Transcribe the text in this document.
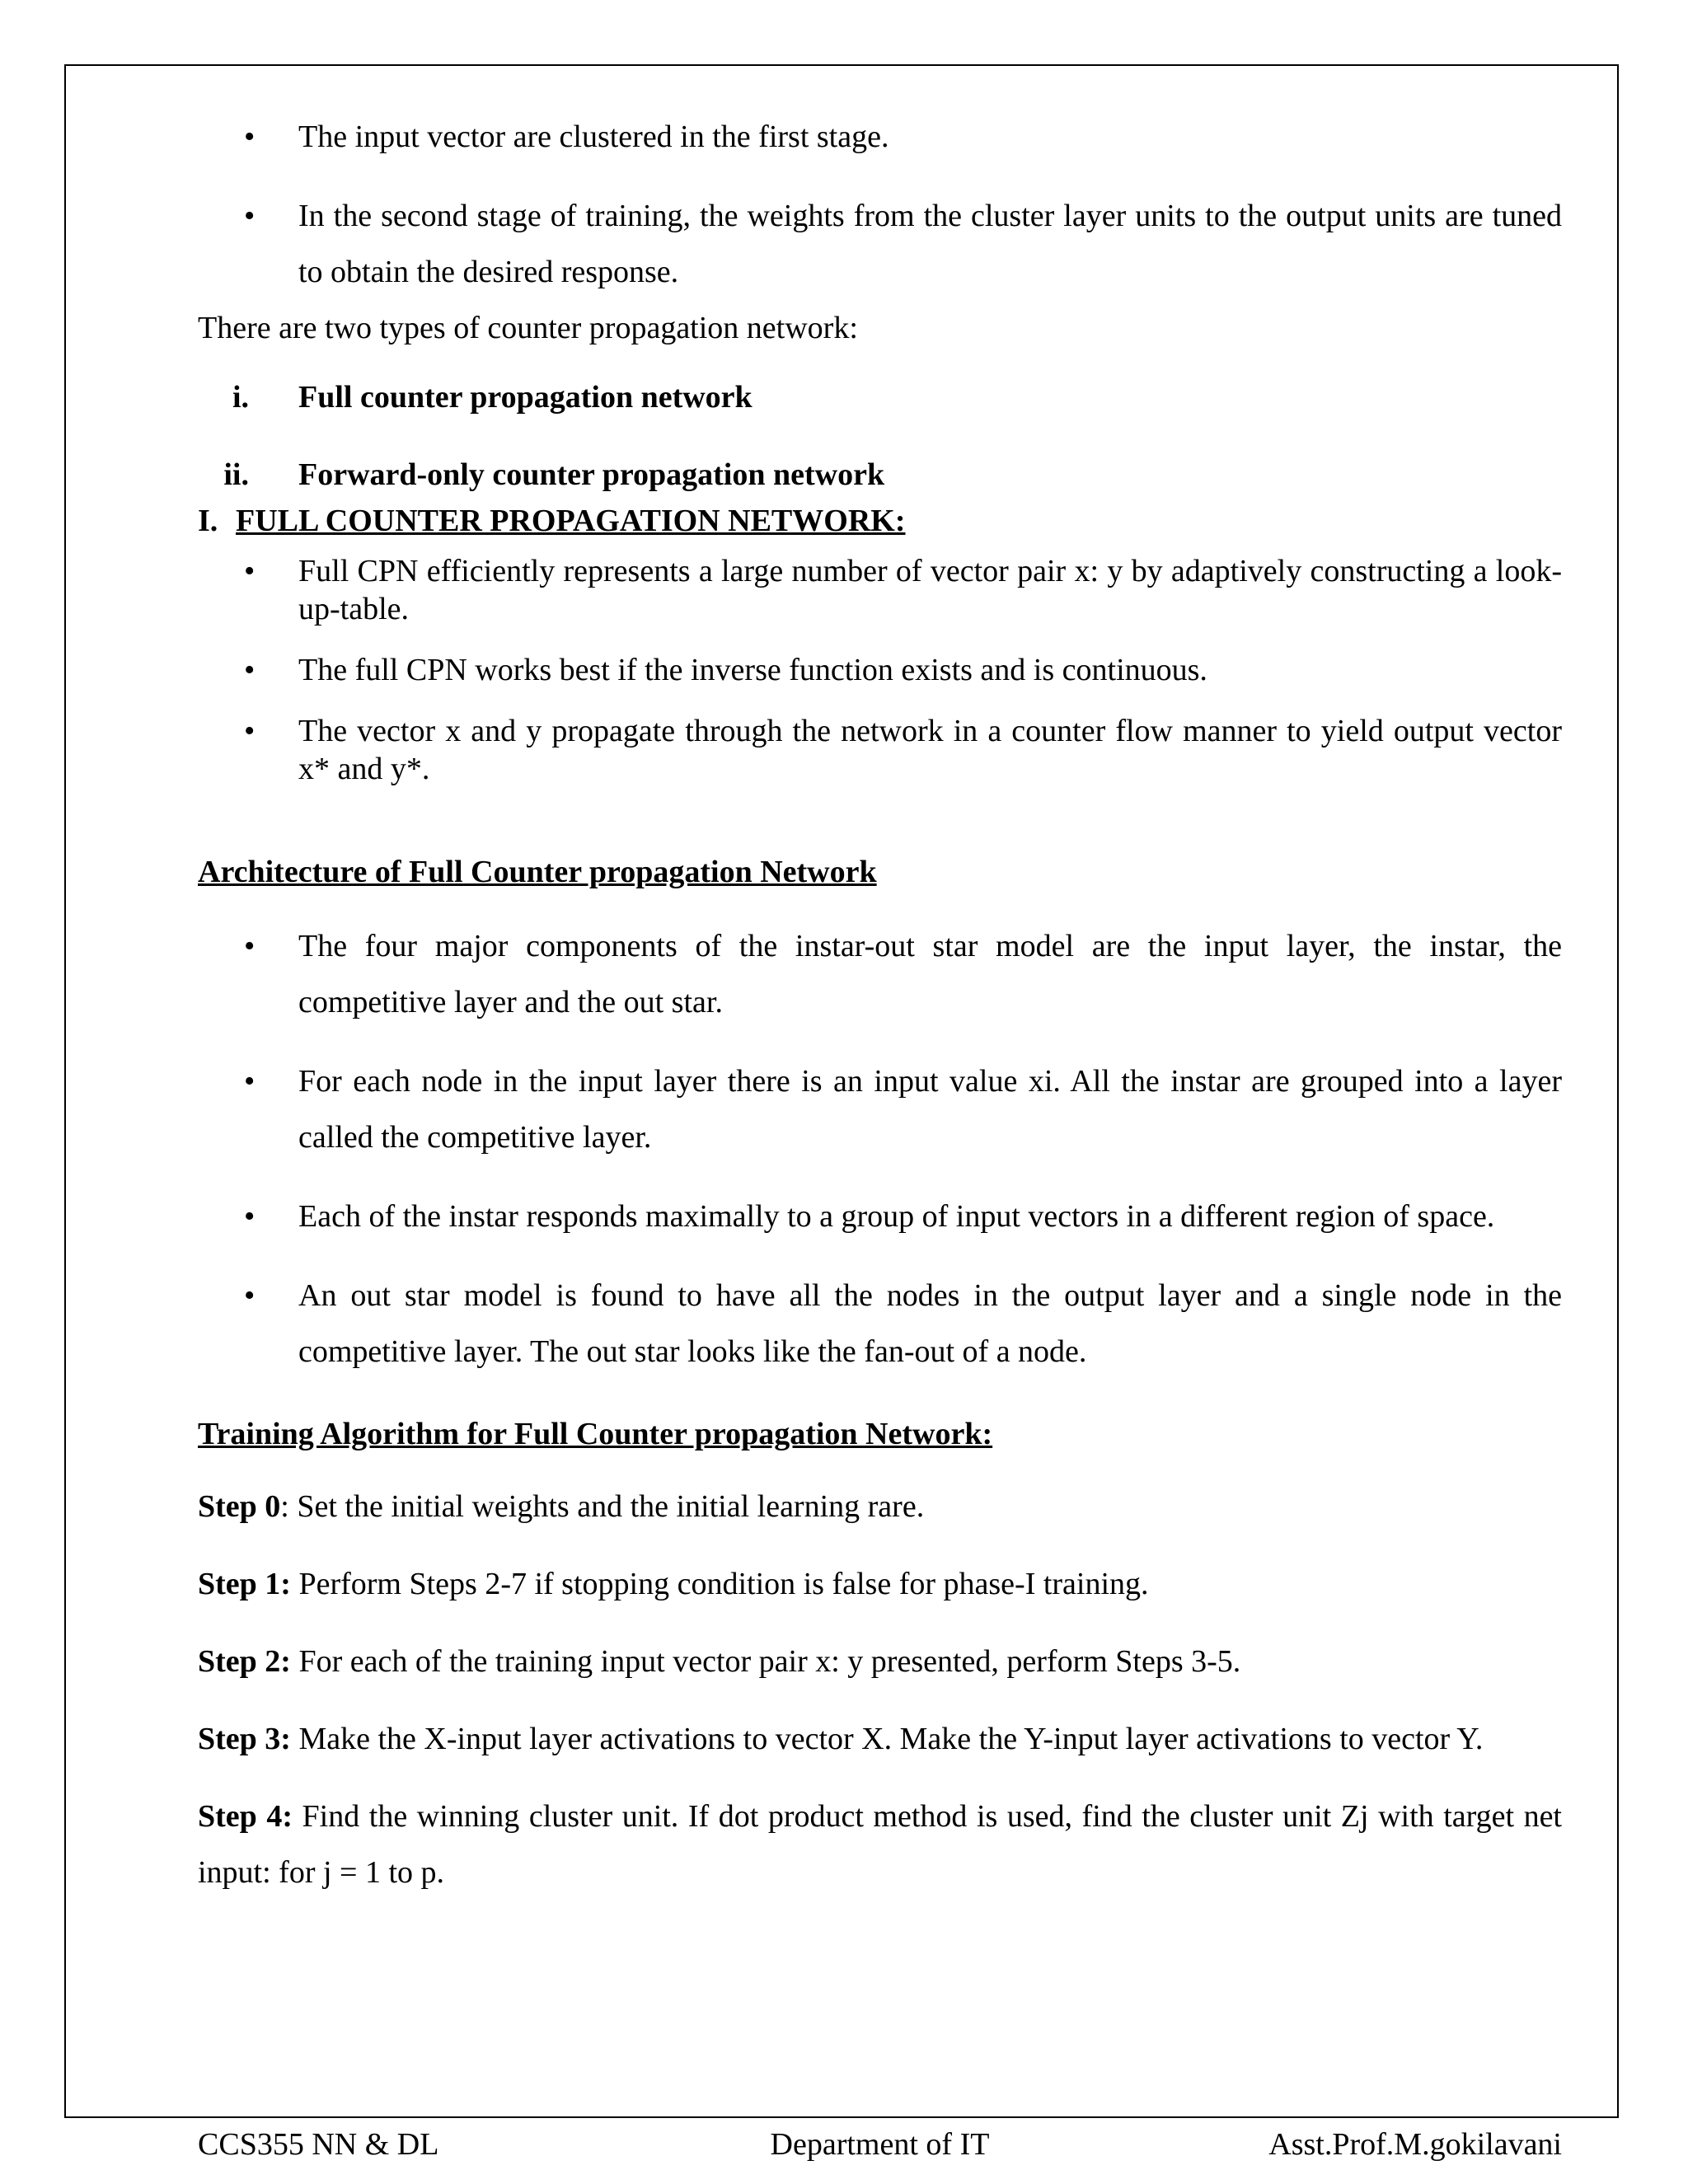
• The input vector are clustered in the first stage.
• In the second stage of training, the weights from the cluster layer units to the output units are tuned to obtain the desired response.

There are two types of counter propagation network:

i. Full counter propagation network
ii. Forward-only counter propagation network

I. FULL COUNTER PROPAGATION NETWORK:

• Full CPN efficiently represents a large number of vector pair x: y by adaptively constructing a look-up-table.
• The full CPN works best if the inverse function exists and is continuous.
• The vector x and y propagate through the network in a counter flow manner to yield output vector x* and y*.

Architecture of Full Counter propagation Network

• The four major components of the instar-out star model are the input layer, the instar, the competitive layer and the out star.
• For each node in the input layer there is an input value xi. All the instar are grouped into a layer called the competitive layer.
• Each of the instar responds maximally to a group of input vectors in a different region of space.
• An out star model is found to have all the nodes in the output layer and a single node in the competitive layer. The out star looks like the fan-out of a node.

Training Algorithm for Full Counter propagation Network:

Step 0: Set the initial weights and the initial learning rare.

Step 1: Perform Steps 2-7 if stopping condition is false for phase-I training.

Step 2: For each of the training input vector pair x: y presented, perform Steps 3-5.

Step 3: Make the X-input layer activations to vector X. Make the Y-input layer activations to vector Y.

Step 4: Find the winning cluster unit. If dot product method is used, find the cluster unit Zj with target net input: for j = 1 to p.

CCS355 NN & DL	Department of IT	Asst.Prof.M.gokilavani
